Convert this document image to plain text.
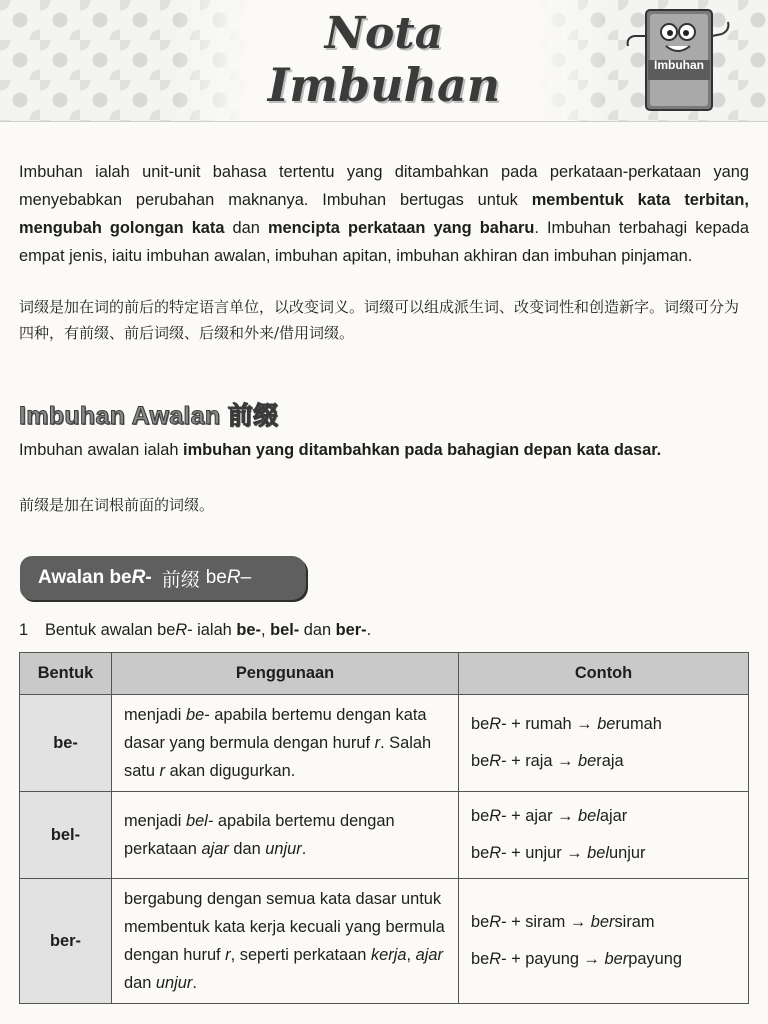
Nota
Imbuhan	Imbuhan
Imbuhan ialah unit-unit bahasa tertentu yang ditambahkan pada perkataan-perkataan yang menyebabkan perubahan maknanya. Imbuhan bertugas untuk membentuk kata terbitan, mengubah golongan kata dan mencipta perkataan yang baharu. Imbuhan terbahagi kepada empat jenis, iaitu imbuhan awalan, imbuhan apitan, imbuhan akhiran dan imbuhan pinjaman.
词缀是加在词的前后的特定语言单位，以改变词义。词缀可以组成派生词、改变词性和创造新字。词缀可分为四种，有前缀、前后词缀、后缀和外来/借用词缀。
Imbuhan Awalan 前缀
Imbuhan awalan ialah imbuhan yang ditambahkan pada bahagian depan kata dasar.
前缀是加在词根前面的词缀。
Awalan be R - 前缀 beR–
1 Bentuk awalan beR- ialah be-, bel- dan ber-.
Bentuk	Penggunaan	Contoh
be-	menjadi be- apabila bertemu dengan kata dasar yang bermula dengan huruf r. Salah satu r akan digugurkan.	beR- + rumah → berumah
beR- + raja → beraja

bel-	menjadi bel- apabila bertemu dengan perkataan ajar dan unjur.	beR- + ajar → belajar
beR- + unjur → belunjur

ber-	bergabung dengan semua kata dasar untuk membentuk kata kerja kecuali yang bermula dengan huruf r, seperti perkataan kerja, ajar dan unjur.	beR- + siram → bersiram
beR- + payung → berpayung
